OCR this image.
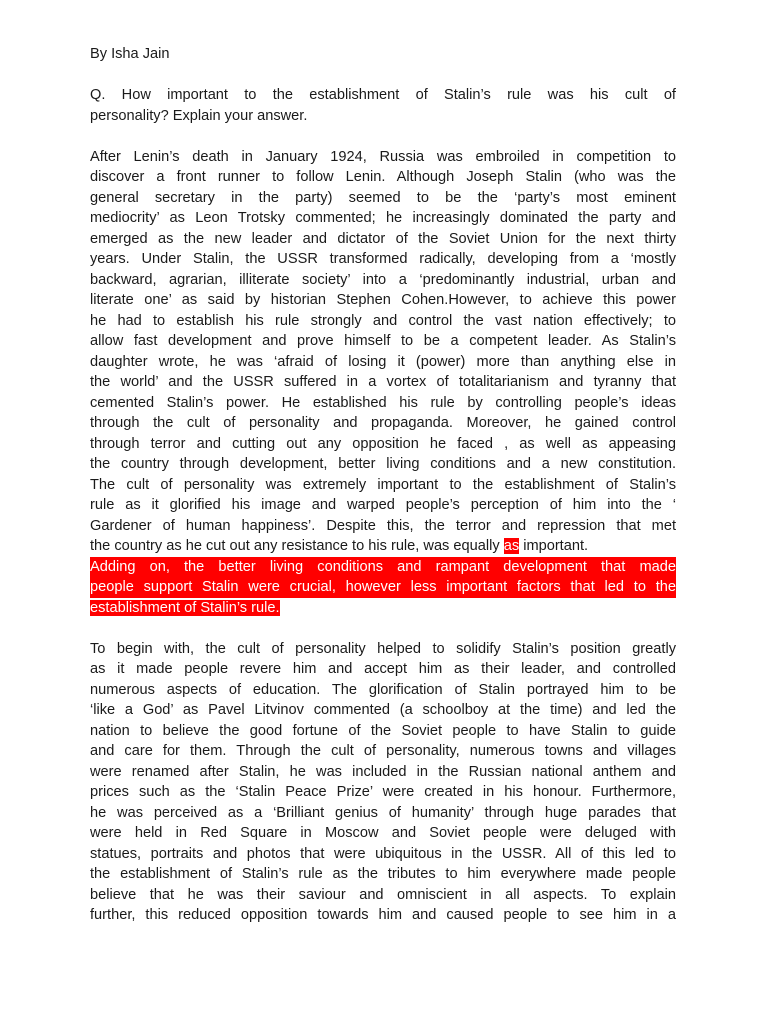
By Isha Jain
Q. How important to the establishment of Stalin’s rule was his cult of
personality? Explain your answer.
After Lenin’s death in January 1924, Russia was embroiled in competition to
discover a front runner to follow Lenin. Although Joseph Stalin (who was the
general secretary in the party) seemed to be the ‘party’s most eminent
mediocrity’ as Leon Trotsky commented; he increasingly dominated the party and
emerged as the new leader and dictator of the Soviet Union for the next thirty
years. Under Stalin, the USSR transformed radically, developing from a ‘mostly
backward, agrarian, illiterate society’ into a ‘predominantly industrial, urban and
literate one’ as said by historian Stephen Cohen.However, to achieve this power
he had to establish his rule strongly and control the vast nation effectively; to
allow fast development and prove himself to be a competent leader. As Stalin’s
daughter wrote, he was ‘afraid of losing it (power) more than anything else in
the world’ and the USSR suffered in a vortex of totalitarianism and tyranny that
cemented Stalin’s power. He established his rule by controlling people’s ideas
through the cult of personality and propaganda. Moreover, he gained control
through terror and cutting out any opposition he faced , as well as appeasing
the country through development, better living conditions and a new constitution.
The cult of personality was extremely important to the establishment of Stalin’s
rule as it glorified his image and warped people’s perception of him into the ‘
Gardener of human happiness’. Despite this, the terror and repression that met
the country as he cut out any resistance to his rule, was equally as important.
Adding on, the better living conditions and rampant development that made
people support Stalin were crucial, however less important factors that led to the
establishment of Stalin’s rule.
To begin with, the cult of personality helped to solidify Stalin’s position greatly
as it made people revere him and accept him as their leader, and controlled
numerous aspects of education. The glorification of Stalin portrayed him to be
‘like a God’ as Pavel Litvinov commented (a schoolboy at the time) and led the
nation to believe the good fortune of the Soviet people to have Stalin to guide
and care for them. Through the cult of personality, numerous towns and villages
were renamed after Stalin, he was included in the Russian national anthem and
prices such as the ‘Stalin Peace Prize’ were created in his honour. Furthermore,
he was perceived as a ‘Brilliant genius of humanity’ through huge parades that
were held in Red Square in Moscow and Soviet people were deluged with
statues, portraits and photos that were ubiquitous in the USSR. All of this led to
the establishment of Stalin’s rule as the tributes to him everywhere made people
believe that he was their saviour and omniscient in all aspects. To explain
further, this reduced opposition towards him and caused people to see him in a
